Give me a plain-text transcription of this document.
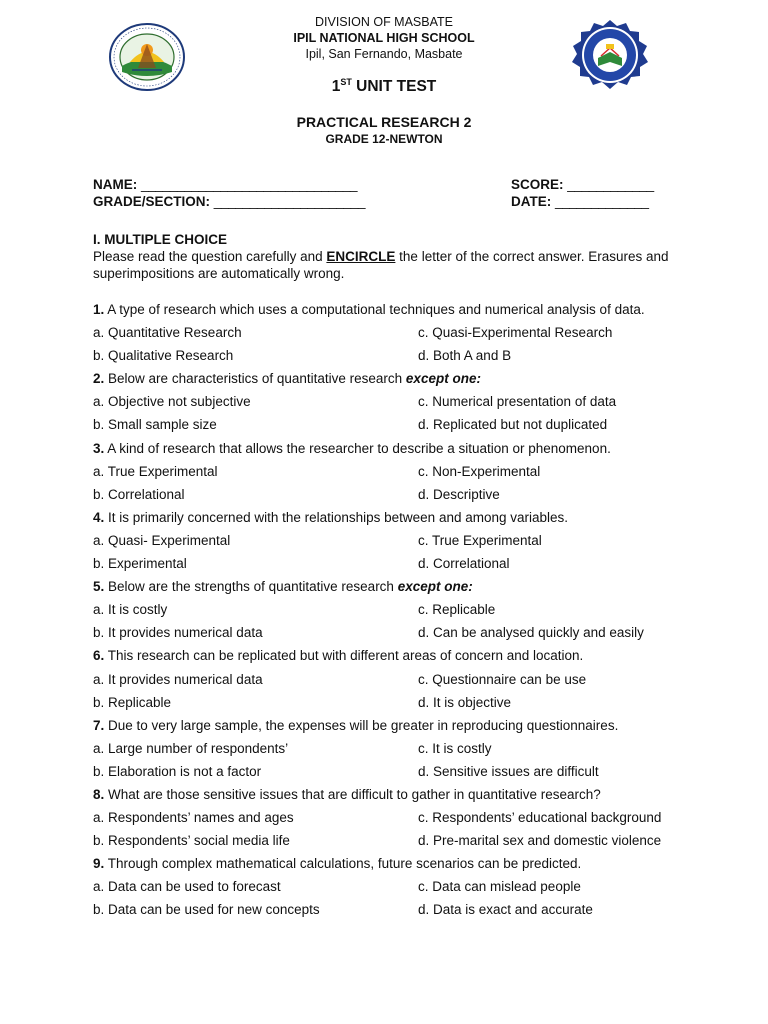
DIVISION OF MASBATE
IPIL NATIONAL HIGH SCHOOL
Ipil, San Fernando, Masbate
1ST UNIT TEST
PRACTICAL RESEARCH 2
GRADE 12-NEWTON
NAME: ______________________________	SCORE: ____________
GRADE/SECTION: _____________________	DATE: _____________
I. MULTIPLE CHOICE
Please read the question carefully and ENCIRCLE the letter of the correct answer. Erasures and superimpositions are automatically wrong.
1. A type of research which uses a computational techniques and numerical analysis of data.
a. Quantitative Research	c. Quasi-Experimental Research
b. Qualitative Research	d. Both A and B
2. Below are characteristics of quantitative research except one:
a. Objective not subjective	c. Numerical presentation of data
b. Small sample size	d. Replicated but not duplicated
3. A kind of research that allows the researcher to describe a situation or phenomenon.
a. True Experimental	c. Non-Experimental
b. Correlational	d. Descriptive
4. It is primarily concerned with the relationships between and among variables.
a. Quasi- Experimental	c. True Experimental
b. Experimental	d. Correlational
5. Below are the strengths of quantitative research except one:
a. It is costly	c. Replicable
b. It provides numerical data	d. Can be analysed quickly and easily
6. This research can be replicated but with different areas of concern and location.
a. It provides numerical data	c. Questionnaire can be use
b. Replicable	d. It is objective
7. Due to very large sample, the expenses will be greater in reproducing questionnaires.
a. Large number of respondents’	c. It is costly
b. Elaboration is not a factor	d. Sensitive issues are difficult
8. What are those sensitive issues that are difficult to gather in quantitative research?
a. Respondents’ names and ages	c. Respondents’ educational background
b. Respondents’ social media life	d. Pre-marital sex and domestic violence
9. Through complex mathematical calculations, future scenarios can be predicted.
a. Data can be used to forecast	c. Data can mislead people
b. Data can be used for new concepts	d. Data is exact and accurate
